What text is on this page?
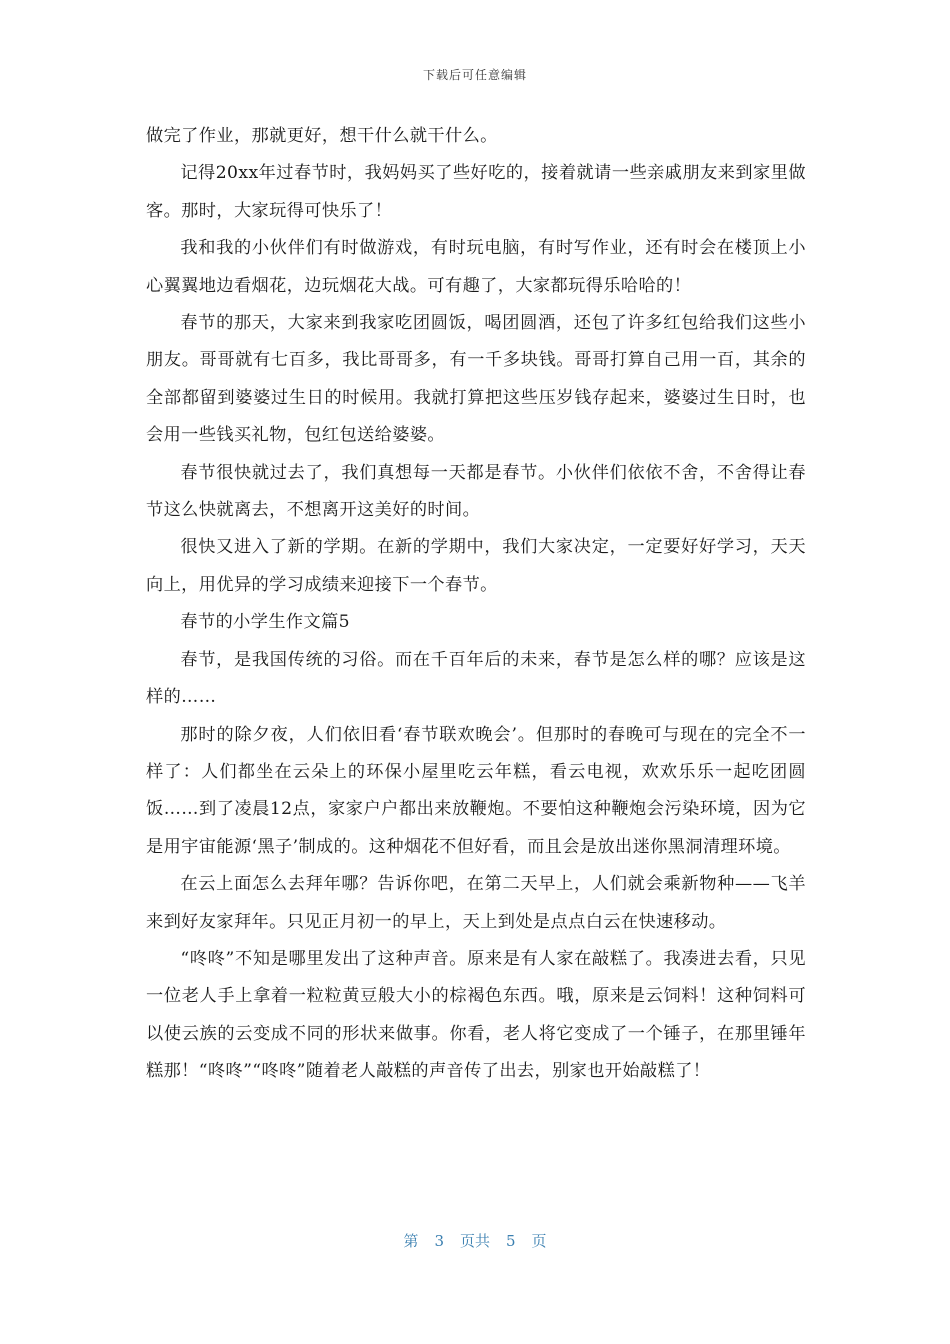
下载后可任意编辑

做完了作业，那就更好，想干什么就干什么。

记得20xx年过春节时，我妈妈买了些好吃的，接着就请一些亲戚朋友来到家里做客。那时，大家玩得可快乐了！

我和我的小伙伴们有时做游戏，有时玩电脑，有时写作业，还有时会在楼顶上小心翼翼地边看烟花，边玩烟花大战。可有趣了，大家都玩得乐哈哈的！

春节的那天，大家来到我家吃团圆饭，喝团圆酒，还包了许多红包给我们这些小朋友。哥哥就有七百多，我比哥哥多，有一千多块钱。哥哥打算自己用一百，其余的全部都留到婆婆过生日的时候用。我就打算把这些压岁钱存起来，婆婆过生日时，也会用一些钱买礼物，包红包送给婆婆。

春节很快就过去了，我们真想每一天都是春节。小伙伴们依依不舍，不舍得让春节这么快就离去，不想离开这美好的时间。

很快又进入了新的学期。在新的学期中，我们大家决定，一定要好好学习，天天向上，用优异的学习成绩来迎接下一个春节。

春节的小学生作文篇5

春节，是我国传统的习俗。而在千百年后的未来，春节是怎么样的哪？应该是这样的……

那时的除夕夜，人们依旧看‘春节联欢晚会’。但那时的春晚可与现在的完全不一样了：人们都坐在云朵上的环保小屋里吃云年糕，看云电视，欢欢乐乐一起吃团圆饭……到了凌晨12点，家家户户都出来放鞭炮。不要怕这种鞭炮会污染环境，因为它是用宇宙能源‘黑子’制成的。这种烟花不但好看，而且会是放出迷你黑洞清理环境。

在云上面怎么去拜年哪？告诉你吧，在第二天早上，人们就会乘新物种——飞羊来到好友家拜年。只见正月初一的早上，天上到处是点点白云在快速移动。

“咚咚”不知是哪里发出了这种声音。原来是有人家在敲糕了。我凑进去看，只见一位老人手上拿着一粒粒黄豆般大小的棕褐色东西。哦，原来是云饲料！这种饲料可以使云族的云变成不同的形状来做事。你看，老人将它变成了一个锤子，在那里锤年糕那！“咚咚”“咚咚”随着老人敲糕的声音传了出去，别家也开始敲糕了！

第 3 页共 5 页
